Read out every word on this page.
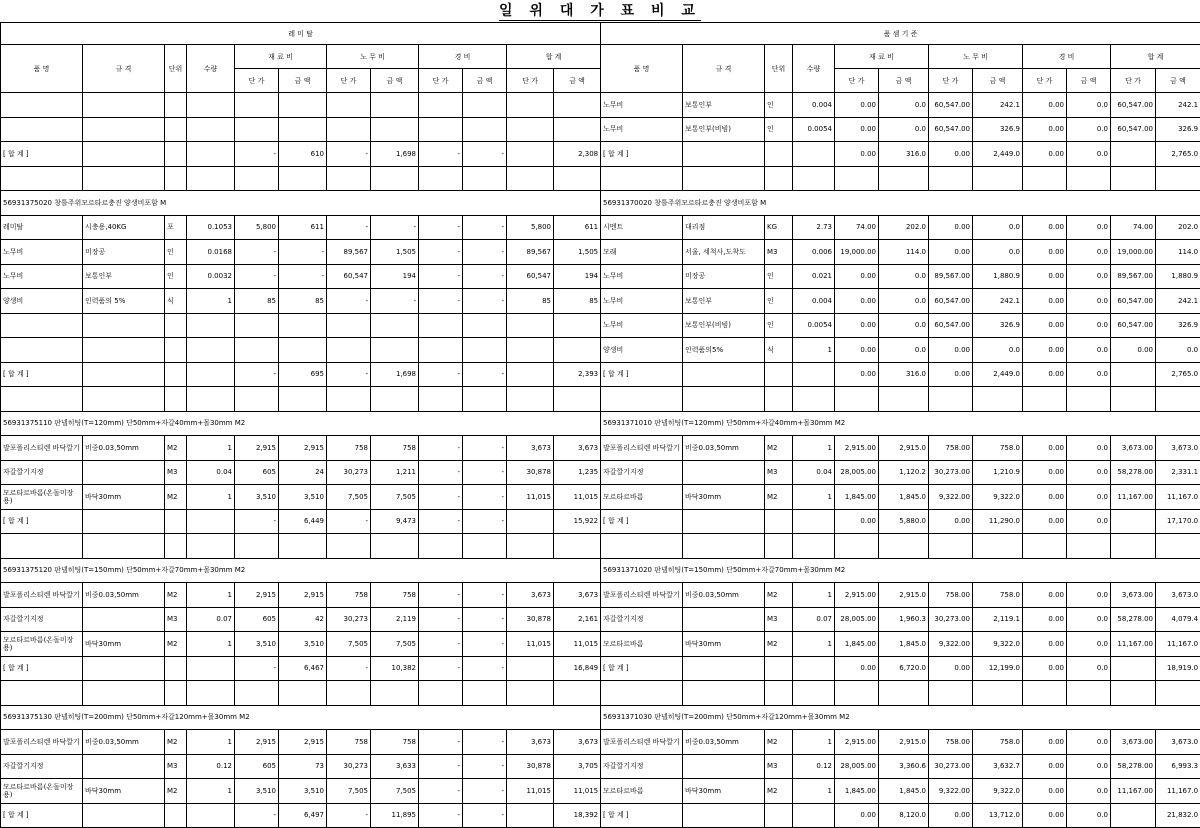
일 위 대 가 표 비 교
레 미 탈											
품 명	규 격	단위	수량	재 료 비		노 무 비		경 비		합 계	
				단 가	금 액	단 가	금 액	단 가	금 액	단 가	금 액

[ 합 계 ]				-	610	-	1,698	-	-		2,308

56931375020 창틀주위모르타르충진 양생비포함 M											
레미탈	시충용,40KG	포	0.1053	5,800	611	-	-	-	-	5,800	611
노무비	미장공	인	0.0168	-	-	89,567	1,505	-	-	89,567	1,505
노무비	보통인부	인	0.0032	-	-	60,547	194	-	-	60,547	194
양생비	인력품의 5%	식	1	85	85	-	-	-	-	85	85

[ 합 계 ]				-	695	-	1,698	-	-		2,393

56931375110 판넬히팅(T=120mm) 단50mm+자갈40mm+몰30mm M2											
발포폴리스티렌 바닥깔기	비중0.03,50mm	M2	1	2,915	2,915	758	758	-	-	3,673	3,673
자갈깔기지정		M3	0.04	605	24	30,273	1,211	-	-	30,878	1,235
모르타르바름(온돌미장용)	바닥30mm	M2	1	3,510	3,510	7,505	7,505	-	-	11,015	11,015
[ 합 계 ]				-	6,449	-	9,473	-	-		15,922

56931375120 판넬히팅(T=150mm) 단50mm+자갈70mm+몰30mm M2											
발포폴리스티렌 바닥깔기	비중0.03,50mm	M2	1	2,915	2,915	758	758	-	-	3,673	3,673
자갈깔기지정		M3	0.07	605	42	30,273	2,119	-	-	30,878	2,161
모르타르바름(온돌미장용)	바닥30mm	M2	1	3,510	3,510	7,505	7,505	-	-	11,015	11,015
[ 합 계 ]				-	6,467	-	10,382	-	-		16,849

56931375130 판넬히팅(T=200mm) 단50mm+자갈120mm+몰30mm M2											
발포폴리스티렌 바닥깔기	비중0.03,50mm	M2	1	2,915	2,915	758	758	-	-	3,673	3,673
자갈깔기지정		M3	0.12	605	73	30,273	3,633	-	-	30,878	3,705
모르타르바름(온돌미장용)	바닥30mm	M2	1	3,510	3,510	7,505	7,505	-	-	11,015	11,015
[ 합 계 ]				-	6,497	-	11,895	-	-		18,392
품 셈 기 준											
품 명	규 격	단위	수량	재 료 비		노 무 비		경 비		합 계	
				단 가	금 액	단 가	금 액	단 가	금 액	단 가	금 액
노무비	보통인부	인	0.004	0.00	0.0	60,547.00	242.1	0.00	0.0	60,547.00	242.1
노무비	보통인부(비빔)	인	0.0054	0.00	0.0	60,547.00	326.9	0.00	0.0	60,547.00	326.9
[ 합 계 ]				0.00	316.0	0.00	2,449.0	0.00	0.0		2,765.0

56931370020 창틀주위모르타르충진 양생비포함 M											
시멘트	대리점	KG	2.73	74.00	202.0	0.00	0.0	0.00	0.0	74.00	202.0
모래	서울, 세척사,도착도	M3	0.006	19,000.00	114.0	0.00	0.0	0.00	0.0	19,000.00	114.0
노무비	미장공	인	0.021	0.00	0.0	89,567.00	1,880.9	0.00	0.0	89,567.00	1,880.9
노무비	보통인부	인	0.004	0.00	0.0	60,547.00	242.1	0.00	0.0	60,547.00	242.1
노무비	보통인부(비빔)	인	0.0054	0.00	0.0	60,547.00	326.9	0.00	0.0	60,547.00	326.9
양생비	인력품의5%	식	1	0.00	0.0	0.00	0.0	0.00	0.0	0.00	0.0
[ 합 계 ]				0.00	316.0	0.00	2,449.0	0.00	0.0		2,765.0

56931371010 판넬히팅(T=120mm) 단50mm+자갈40mm+몰30mm M2											
발포폴리스티렌 바닥깔기	비중0.03,50mm	M2	1	2,915.00	2,915.0	758.00	758.0	0.00	0.0	3,673.00	3,673.0
자갈깔기지정		M3	0.04	28,005.00	1,120.2	30,273.00	1,210.9	0.00	0.0	58,278.00	2,331.1
모르타르바름	바닥30mm	M2	1	1,845.00	1,845.0	9,322.00	9,322.0	0.00	0.0	11,167.00	11,167.0
[ 합 계 ]				0.00	5,880.0	0.00	11,290.0	0.00	0.0		17,170.0

56931371020 판넬히팅(T=150mm) 단50mm+자갈70mm+몰30mm M2											
발포폴리스티렌 바닥깔기	비중0.03,50mm	M2	1	2,915.00	2,915.0	758.00	758.0	0.00	0.0	3,673.00	3,673.0
자갈깔기지정		M3	0.07	28,005.00	1,960.3	30,273.00	2,119.1	0.00	0.0	58,278.00	4,079.4
모르타르바름	바닥30mm	M2	1	1,845.00	1,845.0	9,322.00	9,322.0	0.00	0.0	11,167.00	11,167.0
[ 합 계 ]				0.00	6,720.0	0.00	12,199.0	0.00	0.0		18,919.0

56931371030 판넬히팅(T=200mm) 단50mm+자갈120mm+몰30mm M2											
발포폴리스티렌 바닥깔기	비중0.03,50mm	M2	1	2,915.00	2,915.0	758.00	758.0	0.00	0.0	3,673.00	3,673.0
자갈깔기지정		M3	0.12	28,005.00	3,360.6	30,273.00	3,632.7	0.00	0.0	58,278.00	6,993.3
모르타르바름	바닥30mm	M2	1	1,845.00	1,845.0	9,322.00	9,322.0	0.00	0.0	11,167.00	11,167.0
[ 합 계 ]				0.00	8,120.0	0.00	13,712.0	0.00	0.0		21,832.0
